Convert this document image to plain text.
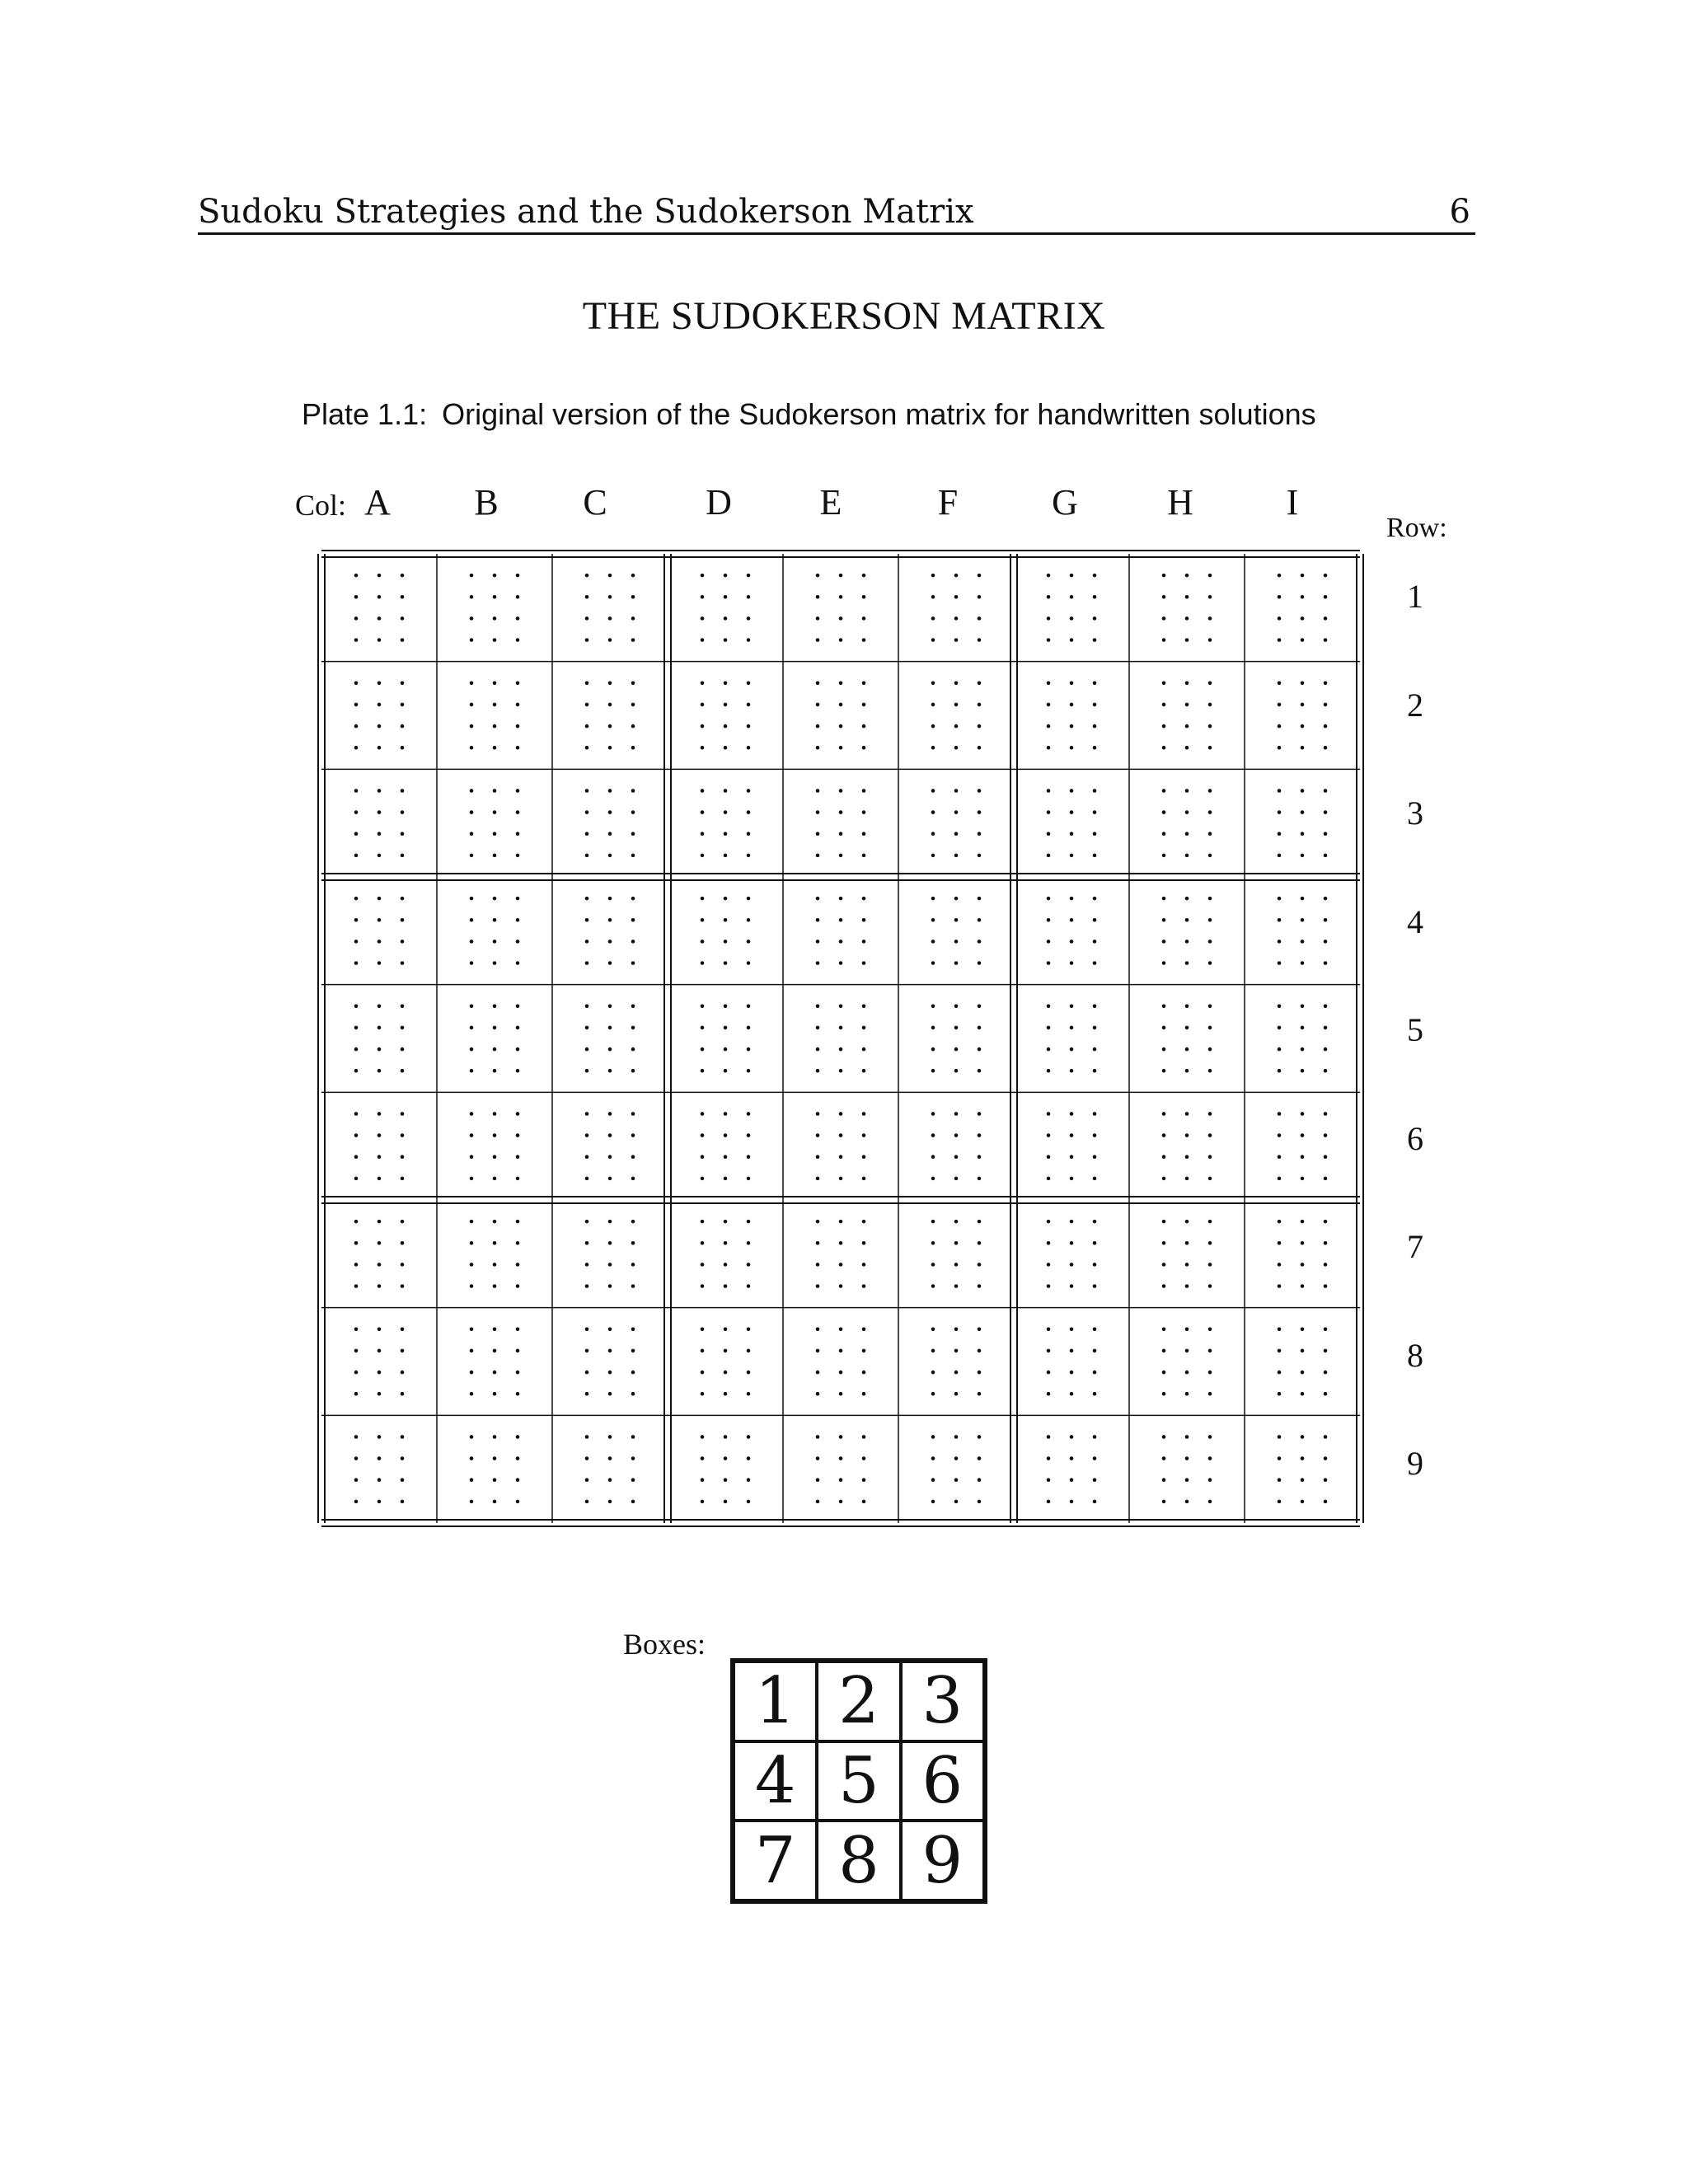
Sudoku Strategies and the Sudokerson Matrix	6
THE SUDOKERSON MATRIX
Plate 1.1: Original version of the Sudokerson matrix for handwritten solutions
Col: A	B	C	D	E	F	G	H	I
Row:
1
2
3
4
5
6
7
8
9
Boxes:
1 2 3
4 5 6
7 8 9
